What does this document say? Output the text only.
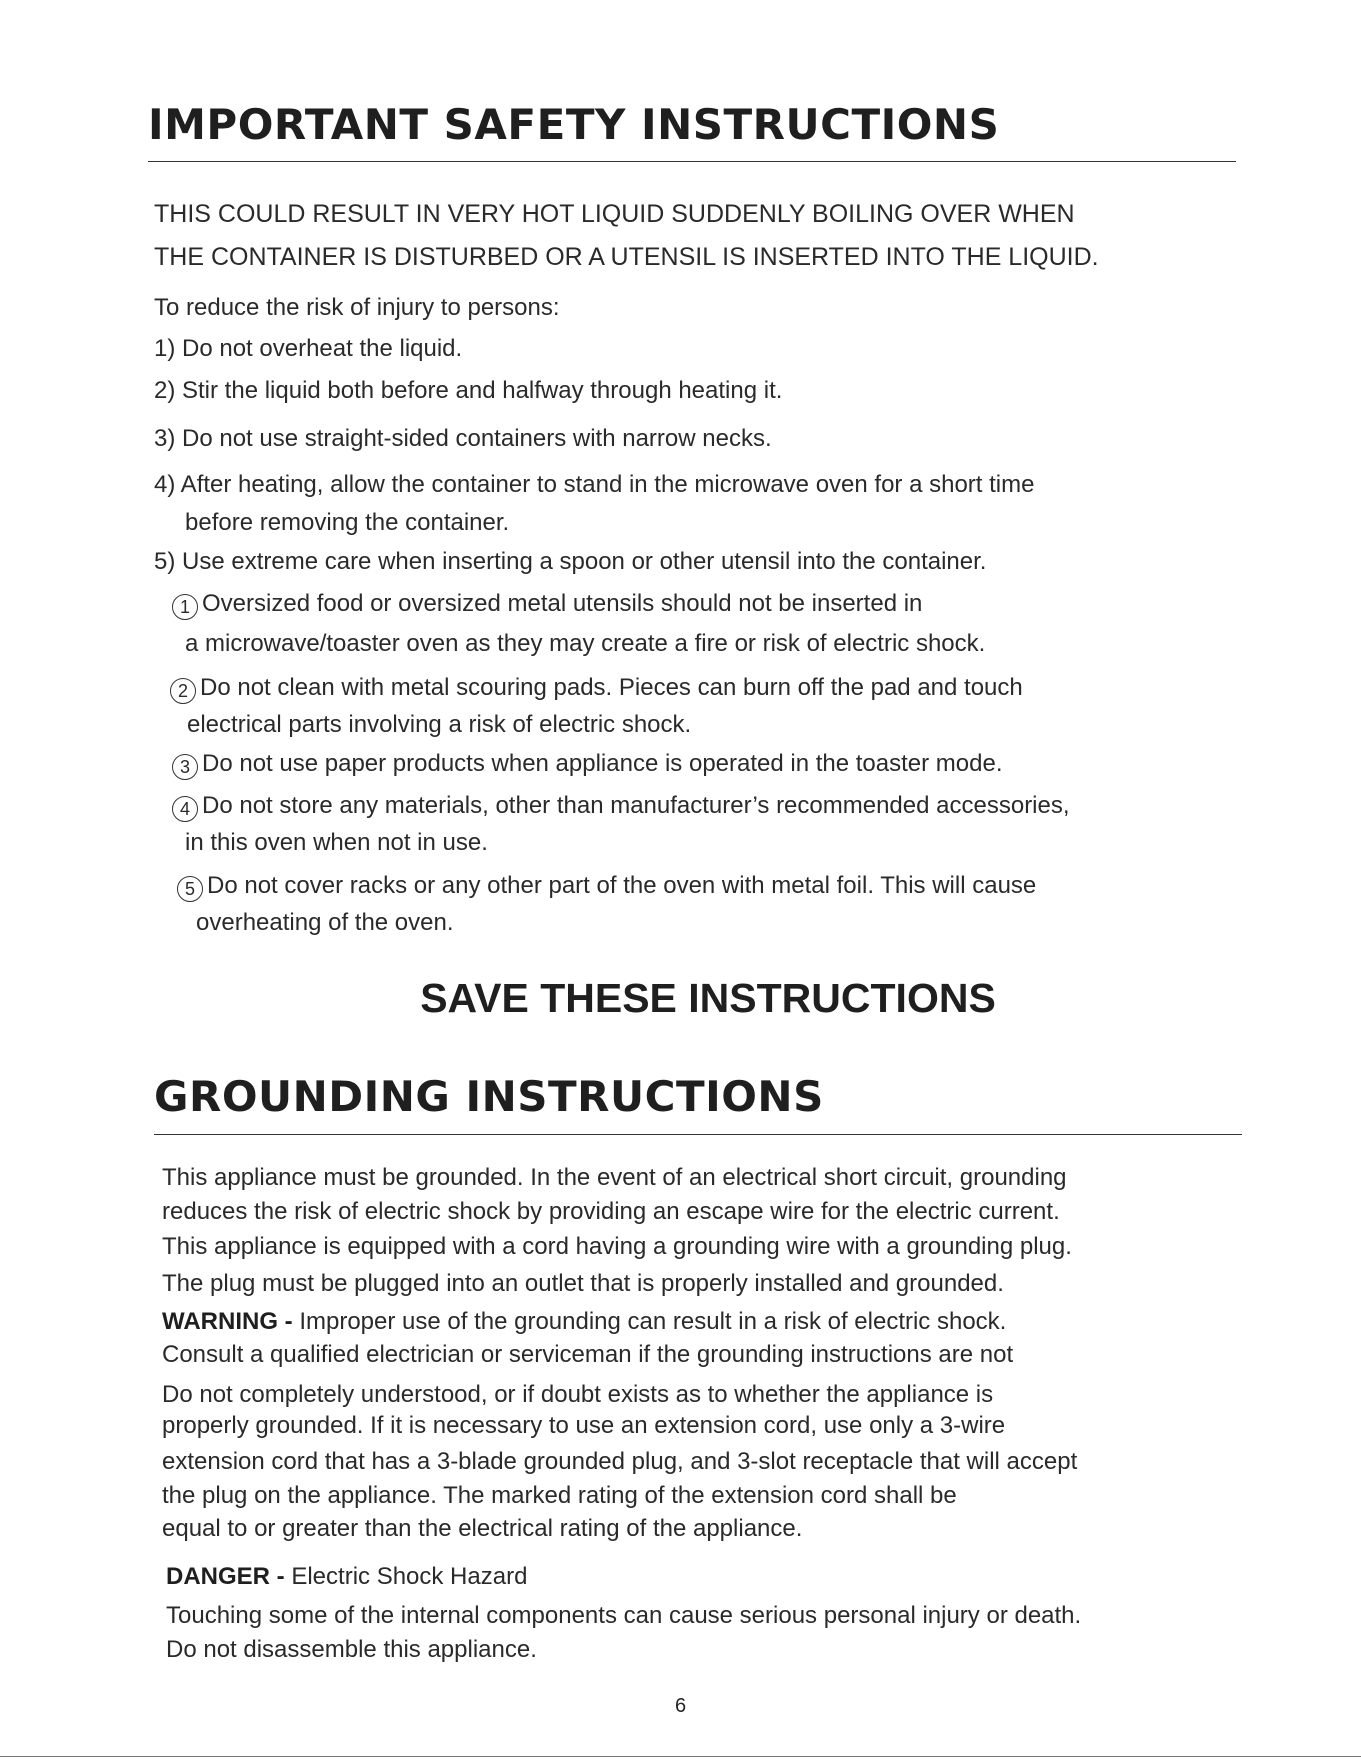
IMPORTANT SAFETY INSTRUCTIONS
THIS COULD RESULT IN VERY HOT LIQUID SUDDENLY BOILING OVER WHEN
THE CONTAINER IS DISTURBED OR A UTENSIL IS INSERTED INTO THE LIQUID.
To reduce the risk of injury to persons:
1) Do not overheat the liquid.
2) Stir the liquid both before and halfway through heating it.
3) Do not use straight-sided containers with narrow necks.
4) After heating, allow the container to stand in the microwave oven for a short time
before removing the container.
5) Use extreme care when inserting a spoon or other utensil into the container.
1 Oversized food or oversized metal utensils should not be inserted in
a microwave/toaster oven as they may create a fire or risk of electric shock.
2 Do not clean with metal scouring pads. Pieces can burn off the pad and touch
electrical parts involving a risk of electric shock.
3 Do not use paper products when appliance is operated in the toaster mode.
4 Do not store any materials, other than manufacturer’s recommended accessories,
in this oven when not in use.
5 Do not cover racks or any other part of the oven with metal foil. This will cause
overheating of the oven.
SAVE THESE INSTRUCTIONS
GROUNDING INSTRUCTIONS
This appliance must be grounded. In the event of an electrical short circuit, grounding
reduces the risk of electric shock by providing an escape wire for the electric current.
This appliance is equipped with a cord having a grounding wire with a grounding plug.
The plug must be plugged into an outlet that is properly installed and grounded.
WARNING - Improper use of the grounding can result in a risk of electric shock.
Consult a qualified electrician or serviceman if the grounding instructions are not
Do not completely understood, or if doubt exists as to whether the appliance is
properly grounded. If it is necessary to use an extension cord, use only a 3-wire
extension cord that has a 3-blade grounded plug, and 3-slot receptacle that will accept
the plug on the appliance. The marked rating of the extension cord shall be
equal to or greater than the electrical rating of the appliance.
DANGER - Electric Shock Hazard
Touching some of the internal components can cause serious personal injury or death.
Do not disassemble this appliance.
6
